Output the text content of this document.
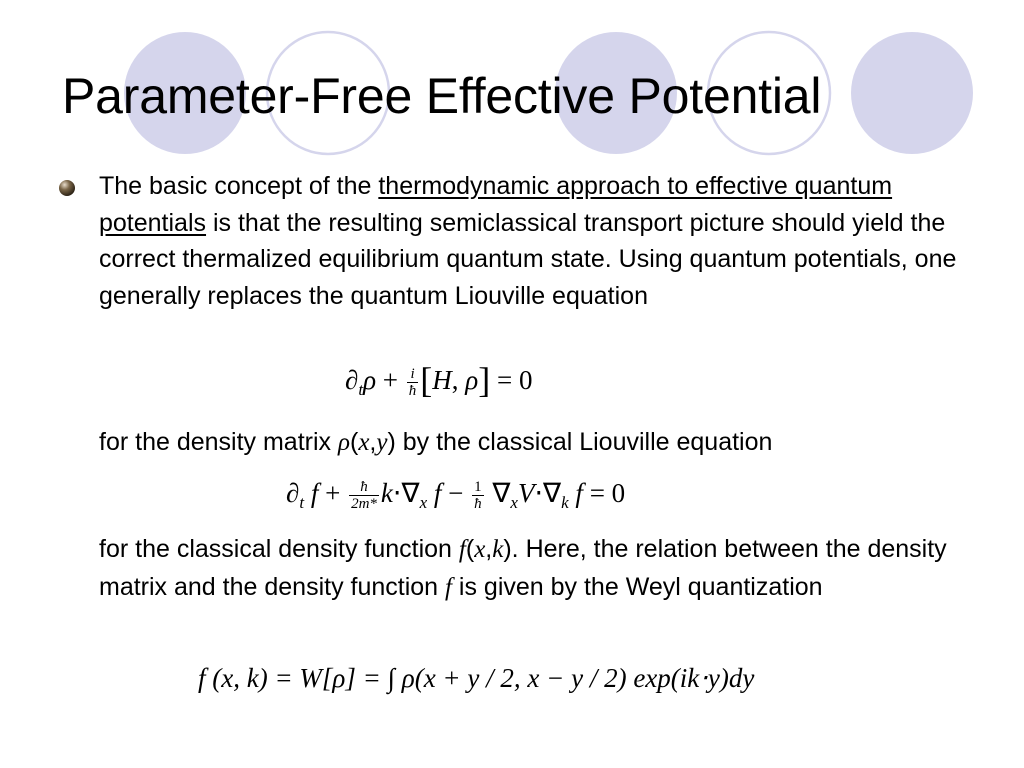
Parameter-Free Effective Potential
The basic concept of the thermodynamic approach to effective quantum potentials is that the resulting semiclassical transport picture should yield the correct thermalized equilibrium quantum state. Using quantum potentials, one generally replaces the quantum Liouville equation
$\partial_t\rho + \frac{i}{ħ} [H$, ρ] = 0
for the density matrix ρ(x,y) by the classical Liouville equation
$\partial_t$ $f + \frac{ħ}{2m*} k\cdot\nabla_x$ $f - \frac{1}{ħ} \nabla_xV\cdot\nabla_k$ f = 0
for the classical density function f(x,k). Here, the relation between the density matrix and the density function f is given by the Weyl quantization
f (x, k) = W[ρ] = ∫ ρ(x + y / 2, x − y / 2) exp(ik⋅y)dy
